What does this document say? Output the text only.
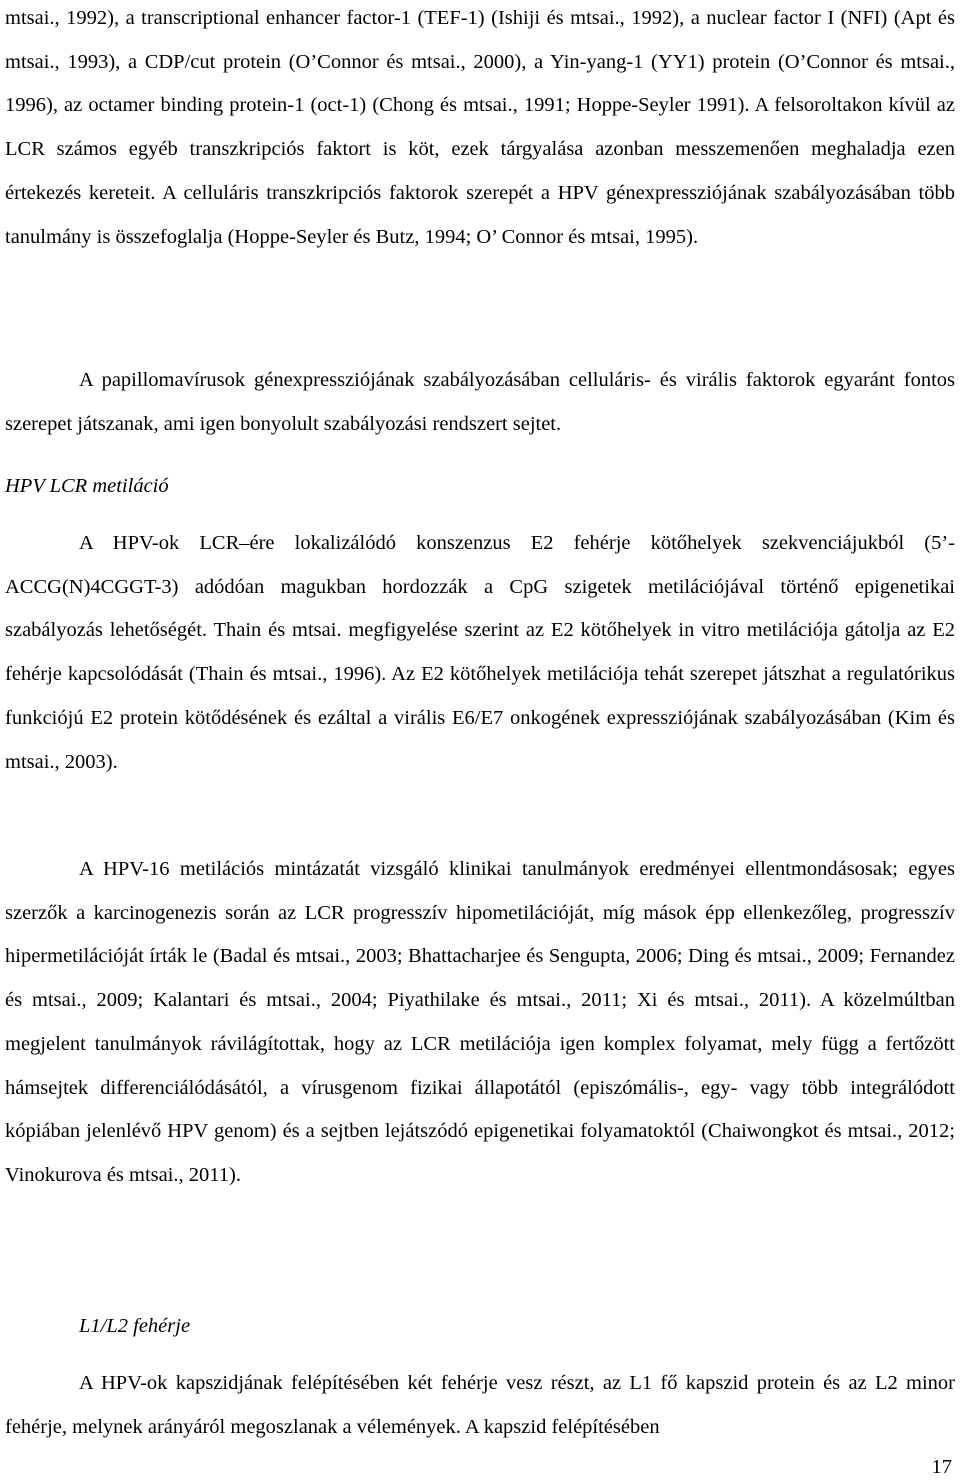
mtsai., 1992), a transcriptional enhancer factor-1 (TEF-1) (Ishiji és mtsai., 1992), a nuclear factor I (NFI) (Apt és mtsai., 1993), a CDP/cut protein (O’Connor és mtsai., 2000), a Yin-yang-1 (YY1) protein (O’Connor és mtsai., 1996), az octamer binding protein-1 (oct-1) (Chong és mtsai., 1991; Hoppe-Seyler 1991). A felsoroltakon kívül az LCR számos egyéb transzkripciós faktort is köt, ezek tárgyalása azonban messzemenően meghaladja ezen értekezés kereteit. A celluláris transzkripciós faktorok szerepét a HPV génexpressziójának szabályozásában több tanulmány is összefoglalja (Hoppe-Seyler és Butz, 1994; O’ Connor és mtsai, 1995).

A papillomavírusok génexpressziójának szabályozásában celluláris- és virális faktorok egyaránt fontos szerepet játszanak, ami igen bonyolult szabályozási rendszert sejtet.

HPV LCR metiláció

A HPV-ok LCR–ére lokalizálódó konszenzus E2 fehérje kötőhelyek szekvenciájukból (5’-ACCG(N)4CGGT-3) adódóan magukban hordozzák a CpG szigetek metilációjával történő epigenetikai szabályozás lehetőségét. Thain és mtsai. megfigyelése szerint az E2 kötőhelyek in vitro metilációja gátolja az E2 fehérje kapcsolódását (Thain és mtsai., 1996). Az E2 kötőhelyek metilációja tehát szerepet játszhat a regulatórikus funkciójú E2 protein kötődésének és ezáltal a virális E6/E7 onkogének expressziójának szabályozásában (Kim és mtsai., 2003).

A HPV-16 metilációs mintázatát vizsgáló klinikai tanulmányok eredményei ellentmondásosak; egyes szerzők a karcinogenezis során az LCR progresszív hipometilációját, míg mások épp ellenkezőleg, progresszív hipermetilációját írták le (Badal és mtsai., 2003; Bhattacharjee és Sengupta, 2006; Ding és mtsai., 2009; Fernandez és mtsai., 2009; Kalantari és mtsai., 2004; Piyathilake és mtsai., 2011; Xi és mtsai., 2011). A közelmúltban megjelent tanulmányok rávilágítottak, hogy az LCR metilációja igen komplex folyamat, mely függ a fertőzött hámsejtek differenciálódásától, a vírusgenom fizikai állapotától (episzómális-, egy- vagy több integrálódott kópiában jelenlévő HPV genom) és a sejtben lejátszódó epigenetikai folyamatoktól (Chaiwongkot és mtsai., 2012; Vinokurova és mtsai., 2011).

L1/L2 fehérje

A HPV-ok kapszidjának felépítésében két fehérje vesz részt, az L1 fő kapszid protein és az L2 minor fehérje, melynek arányáról megoszlanak a vélemények. A kapszid felépítésében

17
